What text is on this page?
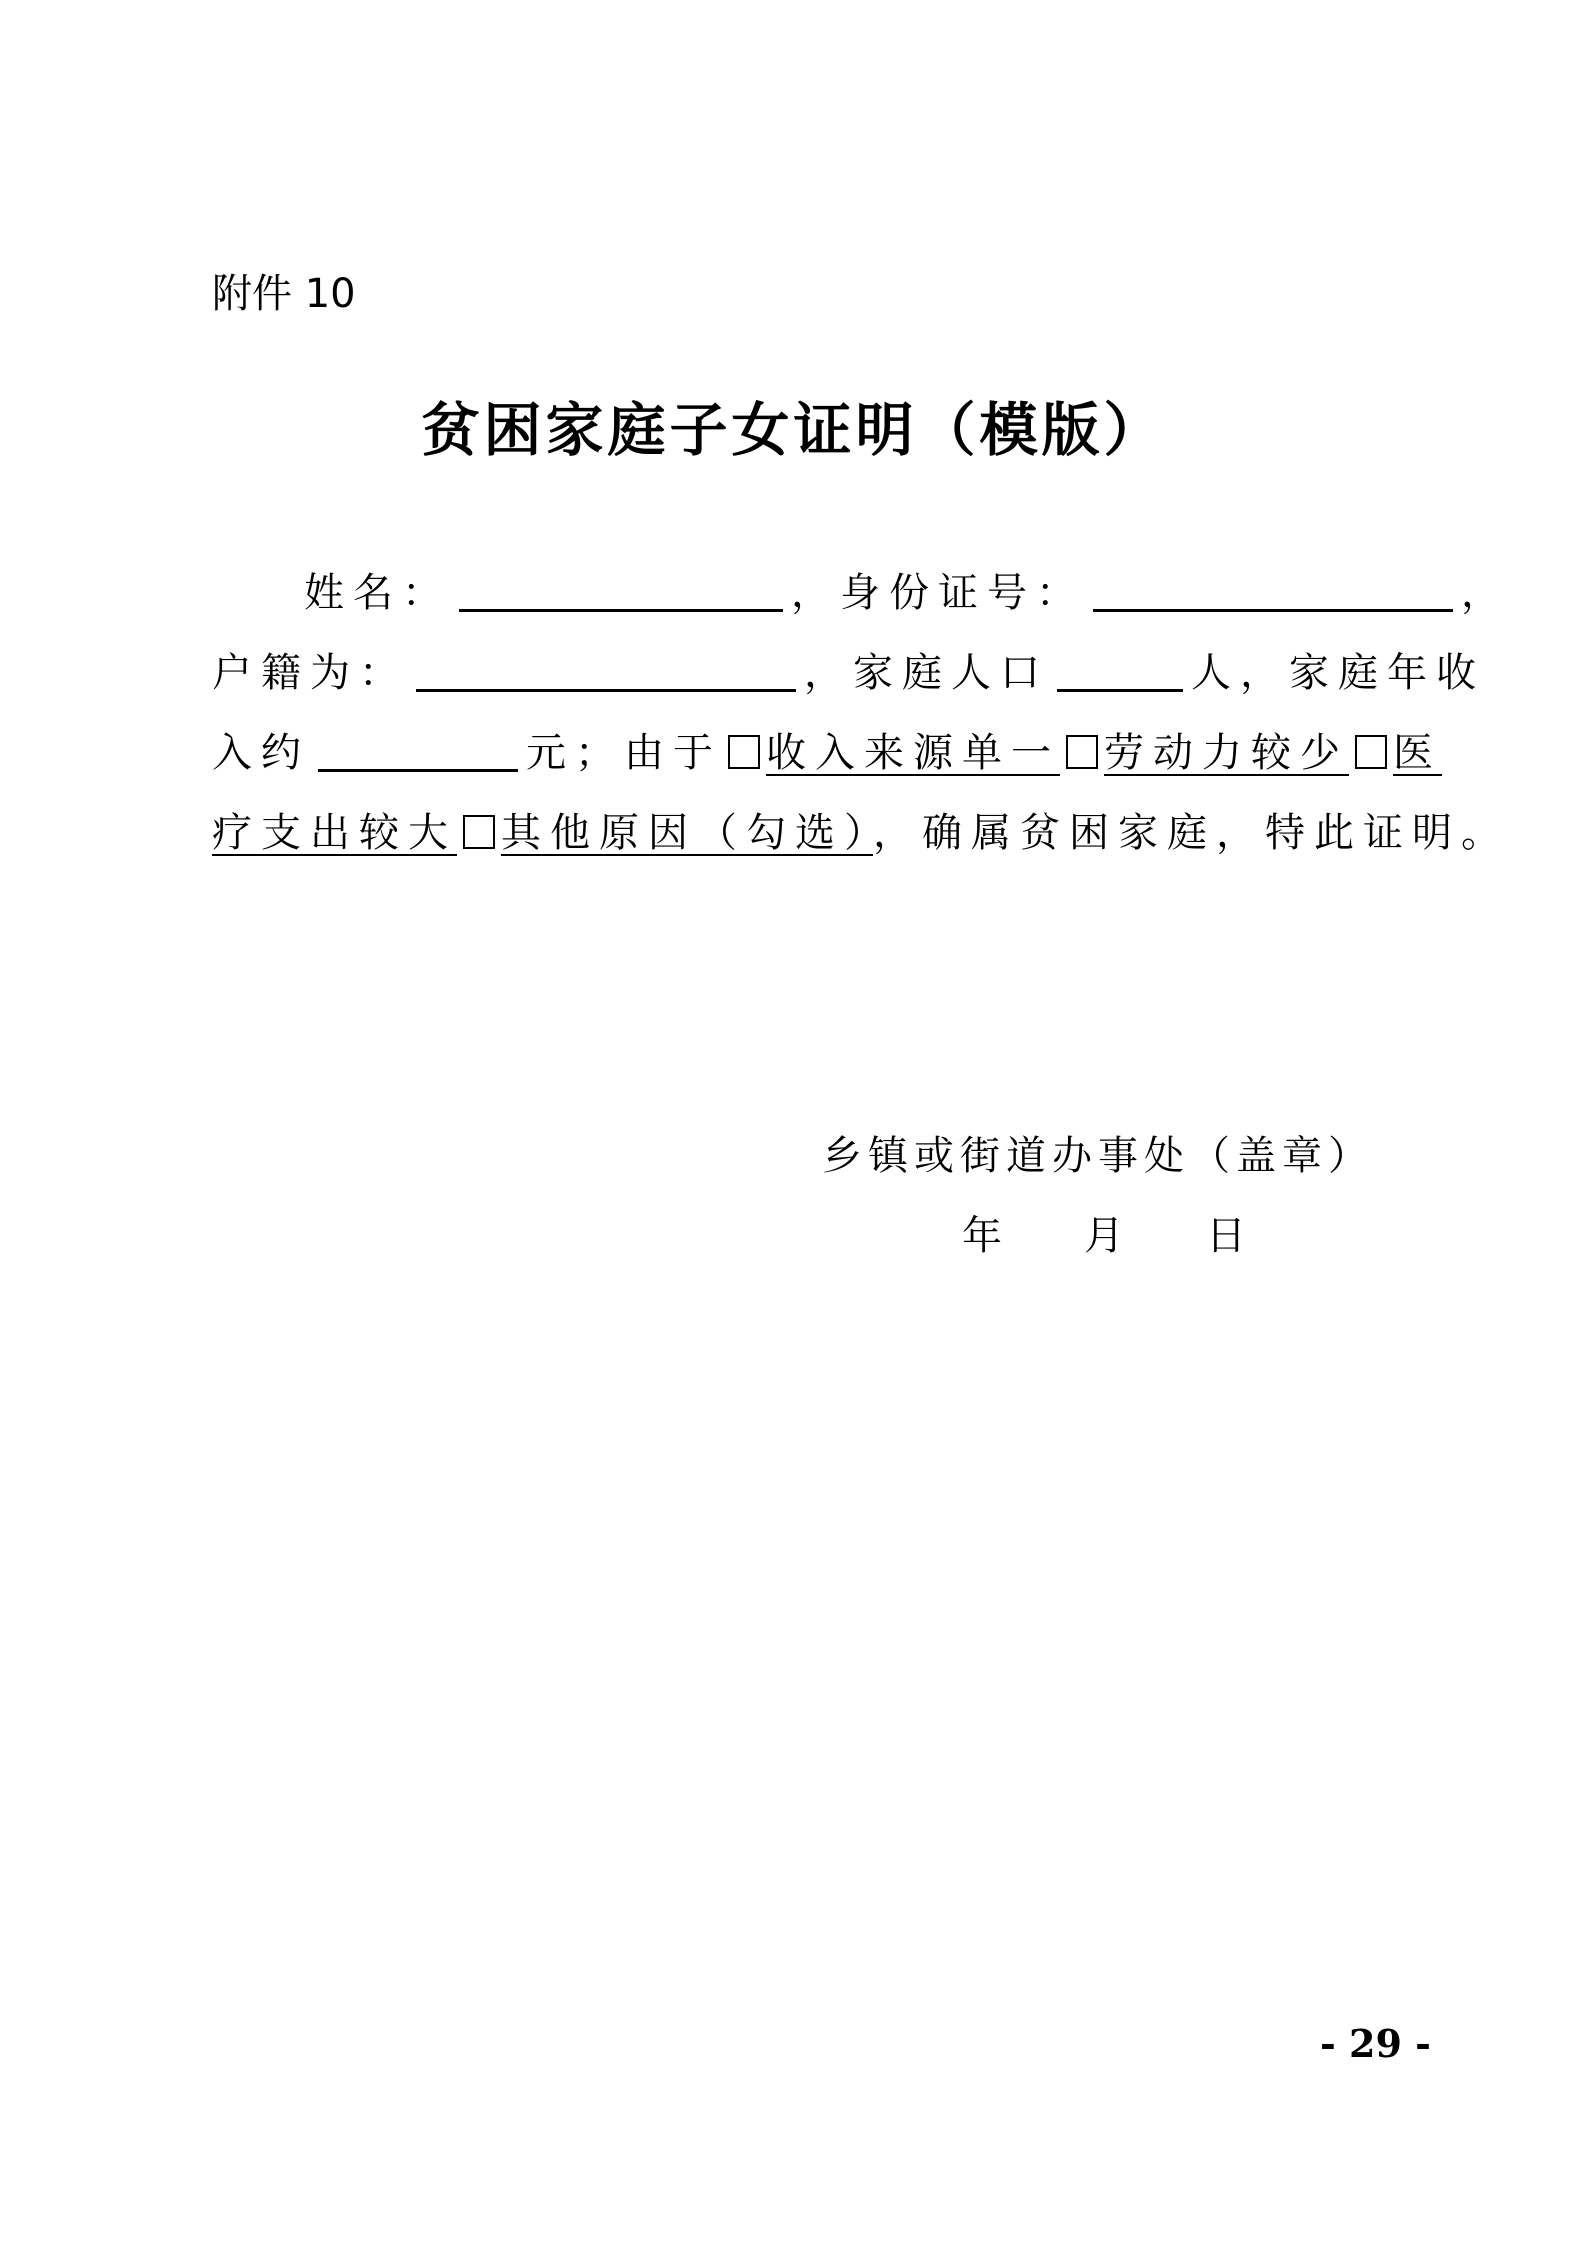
附件 10
贫困家庭子女证明（模版）
姓名：	，身份证号：	，
户籍为：	，家庭人口	人，家庭年收
入约	元；由于 收入来源单一 劳动力较少 医
疗支出较大 其他原因（勾选），确属贫困家庭，特此证明。
乡镇或街道办事处（盖章）
年 月 日
- 29 -
